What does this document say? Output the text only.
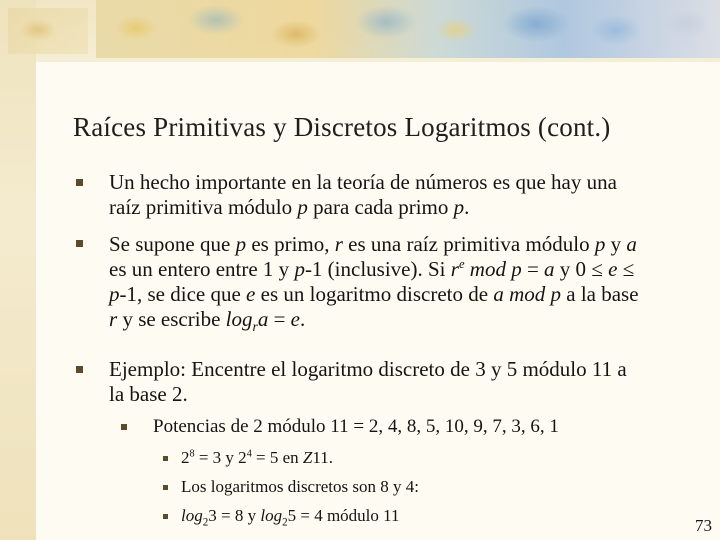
Raíces Primitivas y Discretos Logaritmos (cont.)
Un hecho importante en la teoría de números es que hay una
raíz primitiva módulo p para cada primo p.
Se supone que p es primo, r es una raíz primitiva módulo p y a
es un entero entre 1 y p-1 (inclusive). Si $r^e$ mod p = a y 0 ≤ e ≤
p-1, se dice que e es un logaritmo discreto de a mod p a la base
r y se escribe $\log_ra = e$.
Ejemplo: Encentre el logaritmo discreto de 3 y 5 módulo 11 a
la base 2.
Potencias de 2 módulo 11 = 2, 4, 8, 5, 10, 9, 7, 3, 6, 1
$2^8 = 3$ y $2^4 = 5$ en Z11.
Los logaritmos discretos son 8 y 4:
$\log_23 = 8$ y $\log_25 = 4$ módulo 11
73
